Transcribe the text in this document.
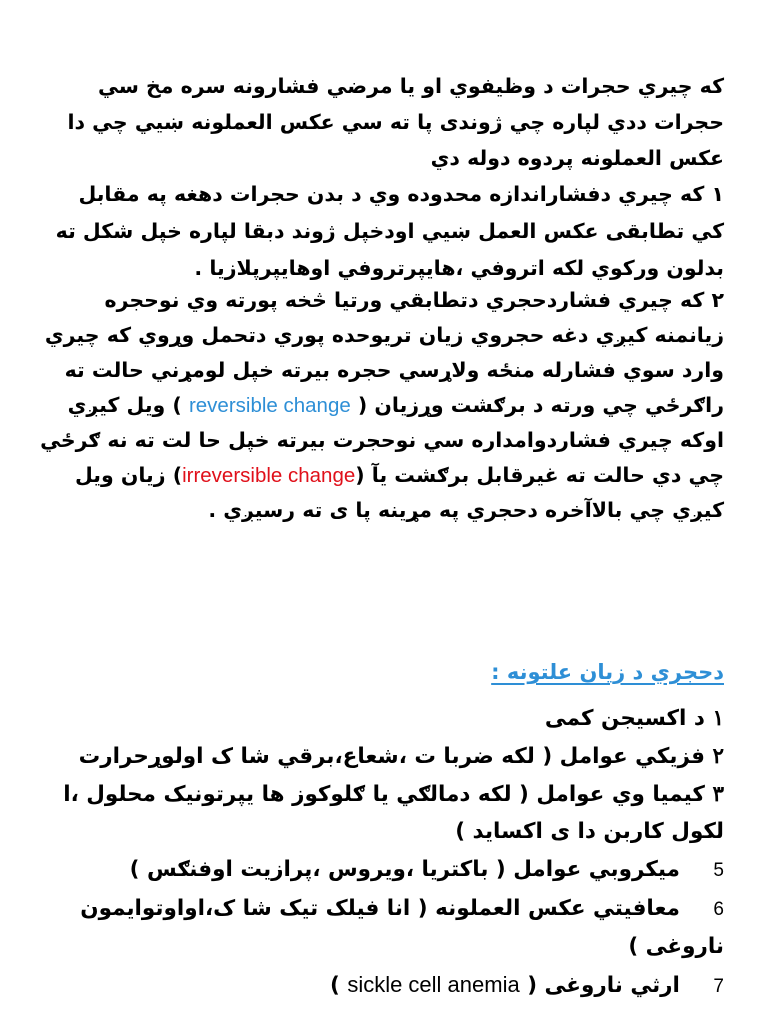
که چیري حجرات د وظیفوي او یا مرضي فشارونه سره مخ سي حجرات ددي لپاره چي ژوندی پا ته سي عکس العملونه ښیي چي دا عکس العملونه پردوه دوله دي

۱ که چیري دفشاراندازه محدوده وي د بدن حجرات دهغه په مقابل کي تطابقی عکس العمل ښیي اودخپل ژوند دبقا لپاره خپل شکل ته بدلون ورکوي لکه اتروفي ،هایپرتروفي اوهایپرپلازیا .

۲ که چیري فشاردحجري دتطابقي ورتیا څخه پورته وي نوحجره زیانمنه کیږي دغه حجروي زیان تریوحده پوري دتحمل وړوي که چیري وارد سوي فشارله منځه ولاړسي حجره بیرته خپل لومړني حالت ته راګرځي چي ورته د برګشت وړزیان ( reversible change ) ویل کیږي اوکه چیري فشاردوامداره سي نوحجرت بیرته خپل حا لت ته نه ګرځي چي دي حالت ته غیرقابل برګشت یآ (irreversible change) زیان ویل کیږي چي بالاآخره دحجري په مړینه پا ی ته رسیږي .

دحجري د زیان علتونه :
۱ د اکسیجن کمی
۲ فزیکي عوامل ( لکه ضربا ت ،شعاع،برقي شا ک اولوړحرارت
۳ کیمیا وي عوامل ( لکه دمالګي یا ګلوکوز ها یپرتونیک محلول ،ا لکول کاربن دا ی اکساید )
5 میکروبي عوامل ( باکتریا ،ویروس ،پرازیت اوفنګس )
6 معافیتي عکس العملونه ( انا فیلک تیک شا ک،اواوتوایمون ناروغی )
7 ارثي ناروغی ( sickle cell anemia )
